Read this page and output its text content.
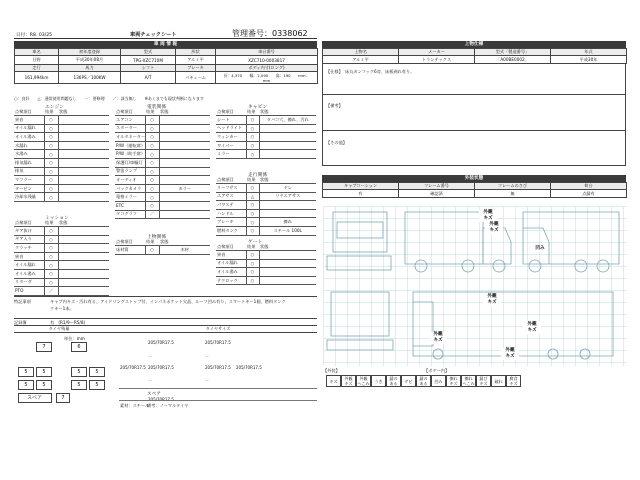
日付：R8. 03/25	車両チェックシート	管理番号：0338062
車 両 情 報
車名	初年度登録	型式	形状	車台番号
日野	平成30年08月	TPG-XZC710M	アルミ平	XZC710-0003817
走行	馬力	シフト	ブレーキ	ボディ内寸(ロング)
161,994km	136PS／100KW	A/T	バキューム	長：4,370　　幅：2,090　　高：190　　mm：　　mm
○：良好　　△：通常使用問題なし　　－：要修理　　／：該当無し　　※あくまでも現状判断になります
エンジン
点検項目	結果	状態
異音	○	
オイル漏れ	○	
オイル滲み	○	
水漏れ	○	
水滲み	○	
排気漏れ	○	
排気	○	
マフラー	○	
タービン	○	
冷却水残量	○	
電装関係
点検項目	結果	状態
エアコン	○	
スターター	○	
オルタネーター	○	
P/W（運転席）	○	
P/W（助手席）	○	
保護灯/車幅灯	○	
警笛ランプ	○	
オーディオ	○	
バックカメラ	○	カラー
電格ミラー	○	
ETC	○	
タコグラフ	／	
キャビン
点検項目	結果	状態
シート	○	タバコ穴、擦れ、汚れ
ヘッドライト	○	
ウィンカー	○	
ワイパー	○	
ミラー	○	
走行関係
点検項目	結果	状態
リーフサス	○	ヤレ
エアサス	△	リヤエアサス
パワステ	○	
ハンドル	○	
ブレーキ	○	擦れ
燃料タンク	○	スチール 100L
ミッション
点検項目	結果	状態
ギア抜け	○	
ギア入り	○	
クラッチ	○	
異音	○	
オイル漏れ	○	
オイル滲み	○	
リターダ	○	
PTO	／	
上物関係
点検項目	結果	状態
床材質	○	木材
ゲート
点検項目	結果	状態
異音	○	
オイル漏れ	○	
オイル滲み	○	
テクロック	○	
特記事項	キャブ内キズ・汚れ有る、アイドリングストップ付、インパネポケット欠品、ルーフ凹み有り、スマートキー1個、燃料タンク
クキー1本。
記録簿	有　(R1/9～R5/8)
タイヤ残量	タイヤサイズ
単位：mm
7	6
5	5	5	5
5	5	5	5
スペア	7
205/70R17.5	205/70R17.5
－	－
205/70R17.5 205/70R17.5	205/70R17.5 205/70R17.5
－	－
スペア
205/70R17.5
素材：スチール
備考：ノーマルタイヤ
上物仕様
上物名	メーカー	型式「製造番号」	年式
アルミ平	トランテックス	「A00BE0002」	平成30年
【仕様】 床丸カンフック6対、床板剥れ有り。
【備考】
【その他】
外装状態
キャブコーション	フレーム番号	フレームのさび	荷台
有	確認済	無	点錆有
外観
キズ
外観
キズ
凹み
外観
キズ
外観
キズ
外観
キズ
外観
キズ
【外装】	【ボデー内】
キズ
外観
キズ
外観
へこみ	うき
錆の
ある	サビ
錆の
ある	凹み
擦れ
キズ
擦れ
へこみ
錆び
キズ	破れ
腐食
キズ
